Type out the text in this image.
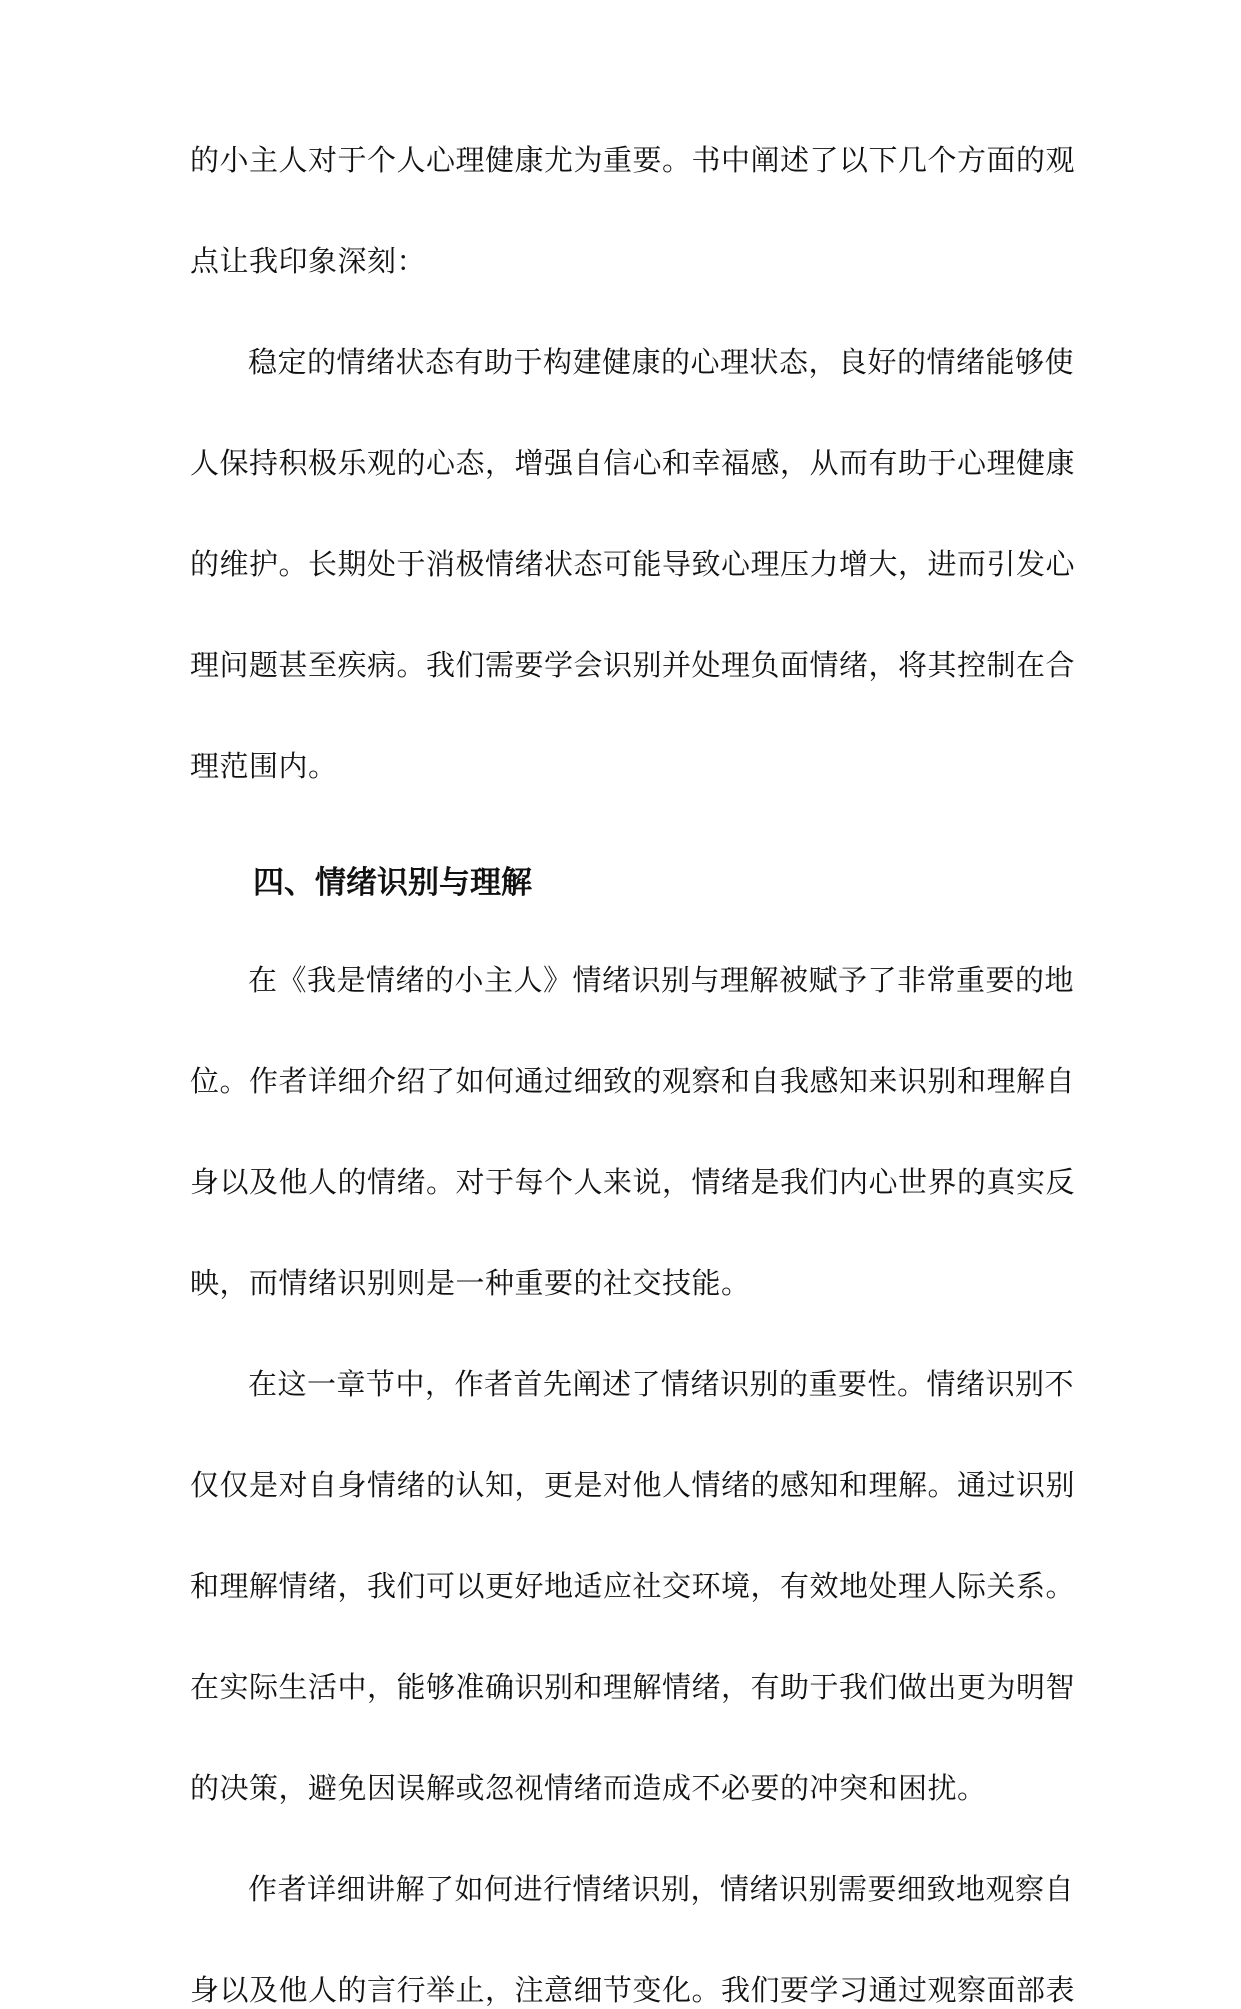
的小主人对于个人心理健康尤为重要。书中阐述了以下几个方面的观

点让我印象深刻：

稳定的情绪状态有助于构建健康的心理状态，良好的情绪能够使

人保持积极乐观的心态，增强自信心和幸福感，从而有助于心理健康

的维护。长期处于消极情绪状态可能导致心理压力增大，进而引发心

理问题甚至疾病。我们需要学会识别并处理负面情绪，将其控制在合

理范围内。

四、情绪识别与理解

在《我是情绪的小主人》情绪识别与理解被赋予了非常重要的地

位。作者详细介绍了如何通过细致的观察和自我感知来识别和理解自

身以及他人的情绪。对于每个人来说，情绪是我们内心世界的真实反

映，而情绪识别则是一种重要的社交技能。

在这一章节中，作者首先阐述了情绪识别的重要性。情绪识别不

仅仅是对自身情绪的认知，更是对他人情绪的感知和理解。通过识别

和理解情绪，我们可以更好地适应社交环境，有效地处理人际关系。

在实际生活中，能够准确识别和理解情绪，有助于我们做出更为明智

的决策，避免因误解或忽视情绪而造成不必要的冲突和困扰。

作者详细讲解了如何进行情绪识别，情绪识别需要细致地观察自

身以及他人的言行举止，注意细节变化。我们要学习通过观察面部表
